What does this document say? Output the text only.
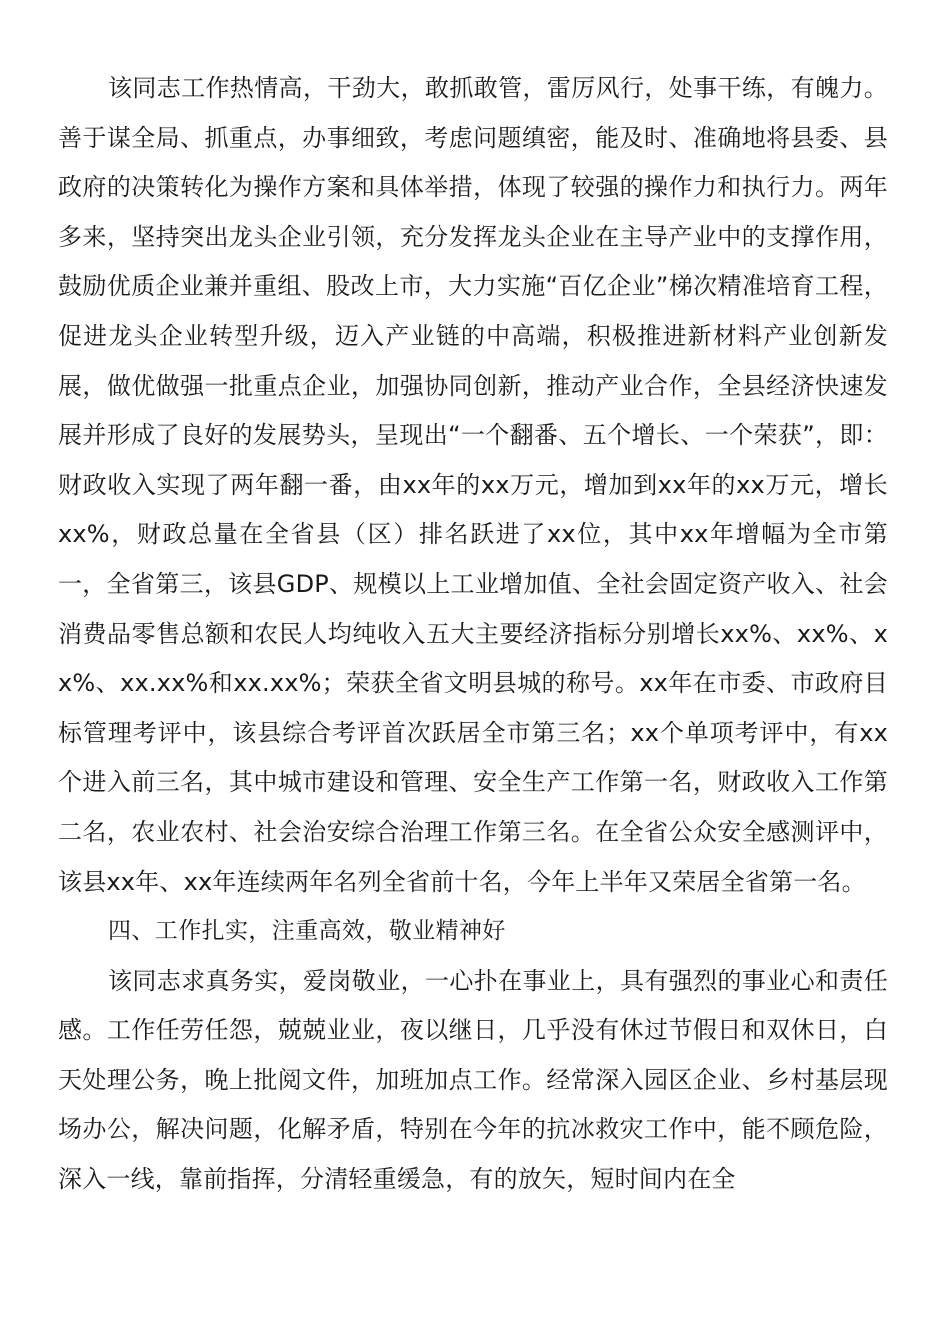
该同志工作热情高，干劲大，敢抓敢管，雷厉风行，处事干练，有魄力。善于谋全局、抓重点，办事细致，考虑问题缜密，能及时、准确地将县委、县政府的决策转化为操作方案和具体举措，体现了较强的操作力和执行力。两年多来，坚持突出龙头企业引领，充分发挥龙头企业在主导产业中的支撑作用，鼓励优质企业兼并重组、股改上市，大力实施“百亿企业”梯次精准培育工程，促进龙头企业转型升级，迈入产业链的中高端，积极推进新材料产业创新发展，做优做强一批重点企业，加强协同创新，推动产业合作，全县经济快速发展并形成了良好的发展势头，呈现出“一个翻番、五个增长、一个荣获”，即：财政收入实现了两年翻一番，由xx年的xx万元，增加到xx年的xx万元，增长xx%，财政总量在全省县（区）排名跃进了xx位，其中xx年增幅为全市第一，全省第三，该县GDP、规模以上工业增加值、全社会固定资产收入、社会消费品零售总额和农民人均纯收入五大主要经济指标分别增长xx%、xx%、xx%、xx.xx%和xx.xx%；荣获全省文明县城的称号。xx年在市委、市政府目标管理考评中，该县综合考评首次跃居全市第三名；xx个单项考评中，有xx个进入前三名，其中城市建设和管理、安全生产工作第一名，财政收入工作第二名，农业农村、社会治安综合治理工作第三名。在全省公众安全感测评中，该县xx年、xx年连续两年名列全省前十名，今年上半年又荣居全省第一名。

四、工作扎实，注重高效，敬业精神好

该同志求真务实，爱岗敬业，一心扑在事业上，具有强烈的事业心和责任感。工作任劳任怨，兢兢业业，夜以继日，几乎没有休过节假日和双休日，白天处理公务，晚上批阅文件，加班加点工作。经常深入园区企业、乡村基层现场办公，解决问题，化解矛盾，特别在今年的抗冰救灾工作中，能不顾危险，深入一线，靠前指挥，分清轻重缓急，有的放矢，短时间内在全
